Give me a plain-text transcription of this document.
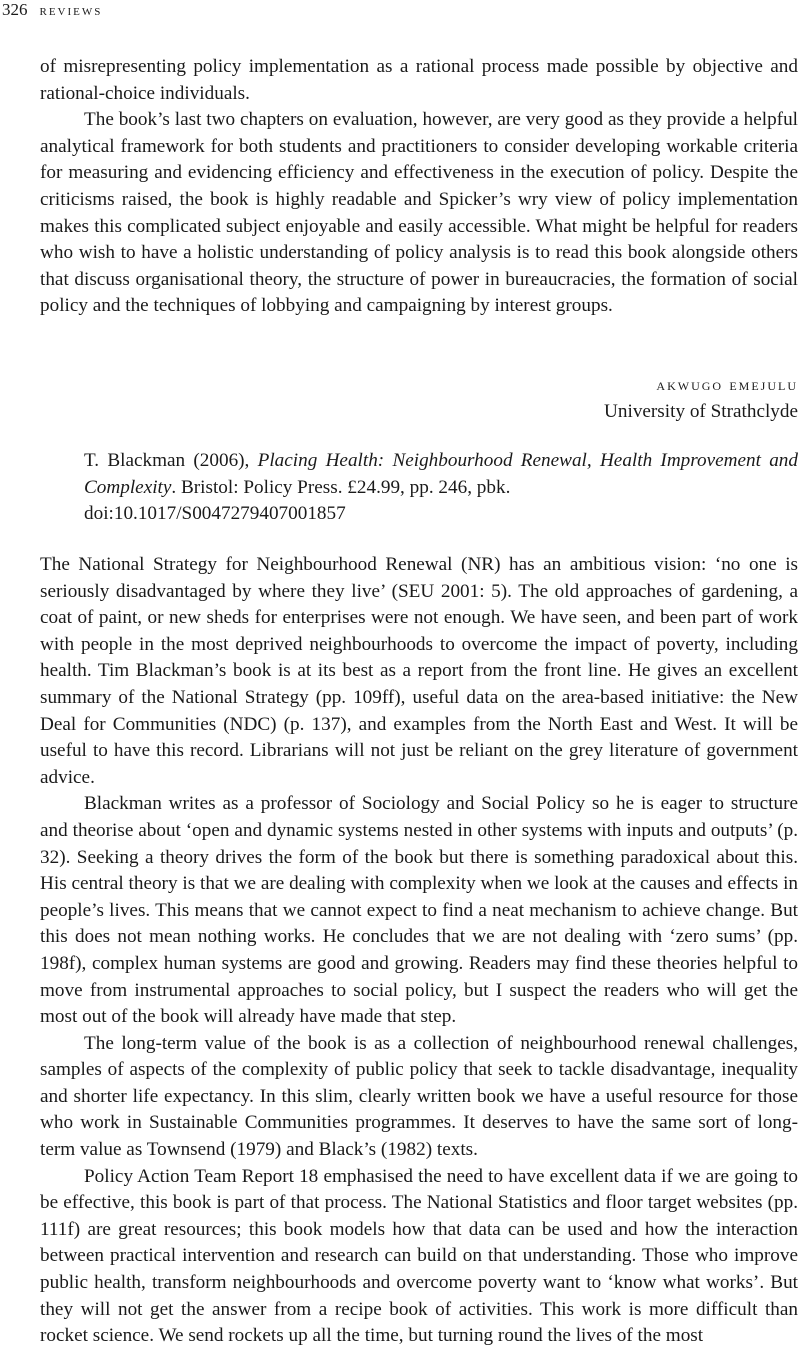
326 reviews

of misrepresenting policy implementation as a rational process made possible by objective and rational-choice individuals.

The book’s last two chapters on evaluation, however, are very good as they provide a helpful analytical framework for both students and practitioners to consider developing workable criteria for measuring and evidencing efficiency and effectiveness in the execution of policy. Despite the criticisms raised, the book is highly readable and Spicker’s wry view of policy implementation makes this complicated subject enjoyable and easily accessible. What might be helpful for readers who wish to have a holistic understanding of policy analysis is to read this book alongside others that discuss organisational theory, the structure of power in bureaucracies, the formation of social policy and the techniques of lobbying and campaigning by interest groups.

akwugo emejulu
University of Strathclyde

T. Blackman (2006), Placing Health: Neighbourhood Renewal, Health Improvement and Complexity. Bristol: Policy Press. £24.99, pp. 246, pbk.

doi:10.1017/S0047279407001857

The National Strategy for Neighbourhood Renewal (NR) has an ambitious vision: ‘no one is seriously disadvantaged by where they live’ (SEU 2001: 5). The old approaches of gardening, a coat of paint, or new sheds for enterprises were not enough. We have seen, and been part of work with people in the most deprived neighbourhoods to overcome the impact of poverty, including health. Tim Blackman’s book is at its best as a report from the front line. He gives an excellent summary of the National Strategy (pp. 109ff), useful data on the area-based initiative: the New Deal for Communities (NDC) (p. 137), and examples from the North East and West. It will be useful to have this record. Librarians will not just be reliant on the grey literature of government advice.

Blackman writes as a professor of Sociology and Social Policy so he is eager to structure and theorise about ‘open and dynamic systems nested in other systems with inputs and outputs’ (p. 32). Seeking a theory drives the form of the book but there is something paradoxical about this. His central theory is that we are dealing with complexity when we look at the causes and effects in people’s lives. This means that we cannot expect to find a neat mechanism to achieve change. But this does not mean nothing works. He concludes that we are not dealing with ‘zero sums’ (pp. 198f), complex human systems are good and growing. Readers may find these theories helpful to move from instrumental approaches to social policy, but I suspect the readers who will get the most out of the book will already have made that step.

The long-term value of the book is as a collection of neighbourhood renewal challenges, samples of aspects of the complexity of public policy that seek to tackle disadvantage, inequality and shorter life expectancy. In this slim, clearly written book we have a useful resource for those who work in Sustainable Communities programmes. It deserves to have the same sort of long-term value as Townsend (1979) and Black’s (1982) texts.

Policy Action Team Report 18 emphasised the need to have excellent data if we are going to be effective, this book is part of that process. The National Statistics and floor target websites (pp. 111f) are great resources; this book models how that data can be used and how the interaction between practical intervention and research can build on that understanding. Those who improve public health, transform neighbourhoods and overcome poverty want to ‘know what works’. But they will not get the answer from a recipe book of activities. This work is more difficult than rocket science. We send rockets up all the time, but turning round the lives of the most
